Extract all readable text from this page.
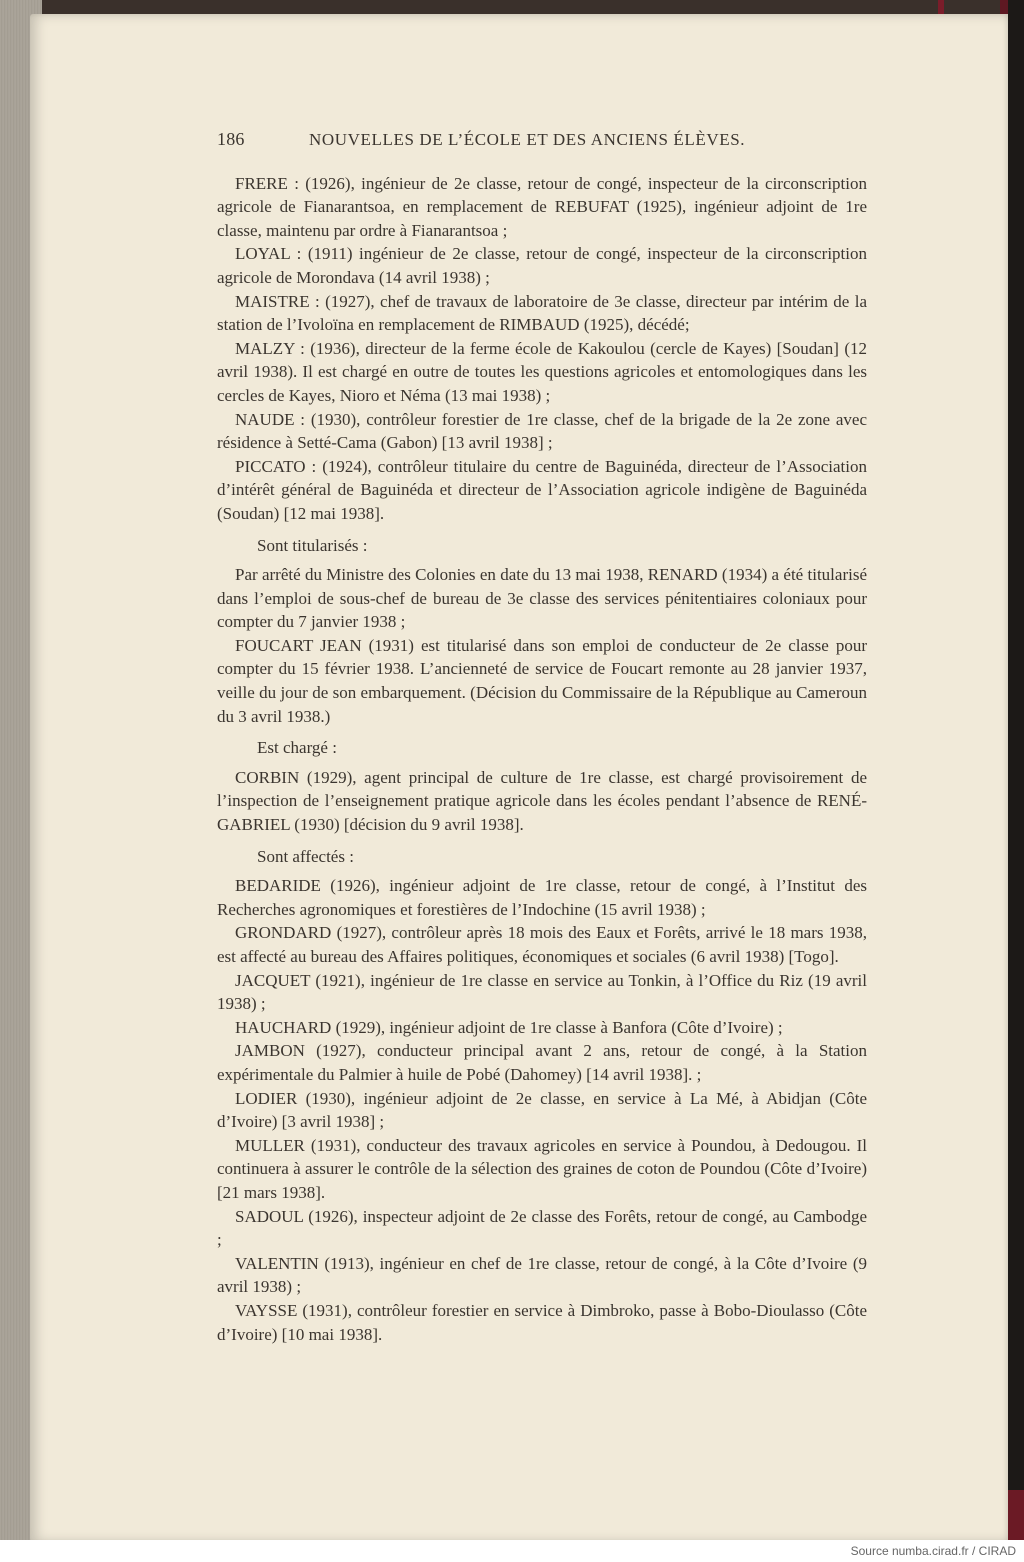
186	NOUVELLES DE L’ÉCOLE ET DES ANCIENS ÉLÈVES.

FRERE : (1926), ingénieur de 2e classe, retour de congé, inspecteur de la circonscription agricole de Fianarantsoa, en remplacement de REBUFAT (1925), ingénieur adjoint de 1re classe, maintenu par ordre à Fianarantsoa ;

LOYAL : (1911) ingénieur de 2e classe, retour de congé, inspecteur de la circonscription agricole de Morondava (14 avril 1938) ;

MAISTRE : (1927), chef de travaux de laboratoire de 3e classe, directeur par intérim de la station de l’Ivoloïna en remplacement de RIMBAUD (1925), décédé;

MALZY : (1936), directeur de la ferme école de Kakoulou (cercle de Kayes) [Soudan] (12 avril 1938). Il est chargé en outre de toutes les questions agricoles et entomologiques dans les cercles de Kayes, Nioro et Néma (13 mai 1938) ;

NAUDE : (1930), contrôleur forestier de 1re classe, chef de la brigade de la 2e zone avec résidence à Setté-Cama (Gabon) [13 avril 1938] ;

PICCATO : (1924), contrôleur titulaire du centre de Baguinéda, directeur de l’Association d’intérêt général de Baguinéda et directeur de l’Association agricole indigène de Baguinéda (Soudan) [12 mai 1938].

Sont titularisés :

Par arrêté du Ministre des Colonies en date du 13 mai 1938, RENARD (1934) a été titularisé dans l’emploi de sous-chef de bureau de 3e classe des services pénitentiaires coloniaux pour compter du 7 janvier 1938 ;

FOUCART JEAN (1931) est titularisé dans son emploi de conducteur de 2e classe pour compter du 15 février 1938. L’ancienneté de service de Foucart remonte au 28 janvier 1937, veille du jour de son embarquement. (Décision du Commissaire de la République au Cameroun du 3 avril 1938.)

Est chargé :

CORBIN (1929), agent principal de culture de 1re classe, est chargé provisoirement de l’inspection de l’enseignement pratique agricole dans les écoles pendant l’absence de RENÉ-GABRIEL (1930) [décision du 9 avril 1938].

Sont affectés :

BEDARIDE (1926), ingénieur adjoint de 1re classe, retour de congé, à l’Institut des Recherches agronomiques et forestières de l’Indochine (15 avril 1938) ;

GRONDARD (1927), contrôleur après 18 mois des Eaux et Forêts, arrivé le 18 mars 1938, est affecté au bureau des Affaires politiques, économiques et sociales (6 avril 1938) [Togo].

JACQUET (1921), ingénieur de 1re classe en service au Tonkin, à l’Office du Riz (19 avril 1938) ;

HAUCHARD (1929), ingénieur adjoint de 1re classe à Banfora (Côte d’Ivoire) ;

JAMBON (1927), conducteur principal avant 2 ans, retour de congé, à la Station expérimentale du Palmier à huile de Pobé (Dahomey) [14 avril 1938]. ;

LODIER (1930), ingénieur adjoint de 2e classe, en service à La Mé, à Abidjan (Côte d’Ivoire) [3 avril 1938] ;

MULLER (1931), conducteur des travaux agricoles en service à Poundou, à Dedougou. Il continuera à assurer le contrôle de la sélection des graines de coton de Poundou (Côte d’Ivoire) [21 mars 1938].

SADOUL (1926), inspecteur adjoint de 2e classe des Forêts, retour de congé, au Cambodge ;

VALENTIN (1913), ingénieur en chef de 1re classe, retour de congé, à la Côte d’Ivoire (9 avril 1938) ;

VAYSSE (1931), contrôleur forestier en service à Dimbroko, passe à Bobo-Dioulasso (Côte d’Ivoire) [10 mai 1938].

Source numba.cirad.fr / CIRAD
